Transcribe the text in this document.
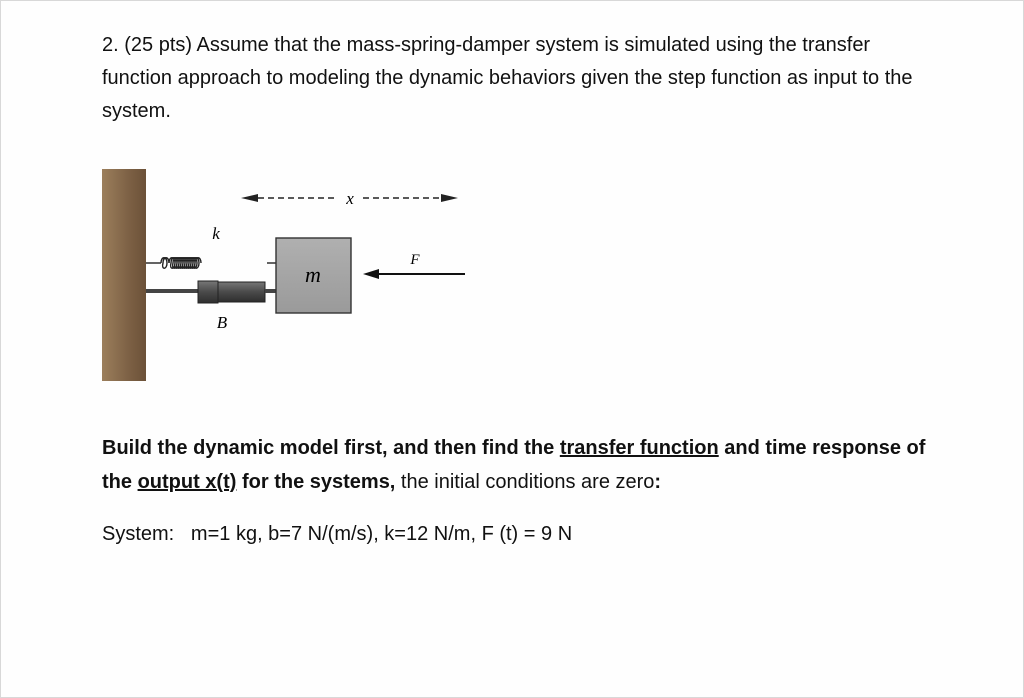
2. (25 pts) Assume that the mass-spring-damper system is simulated using the transfer function approach to modeling the dynamic behaviors given the step function as input to the system.

x
k
B
m
F

Build the dynamic model first, and then find the transfer function and time response of the output x(t) for the systems, the initial conditions are zero:

System: m=1 kg, b=7 N/(m/s), k=12 N/m, F (t) = 9 N
